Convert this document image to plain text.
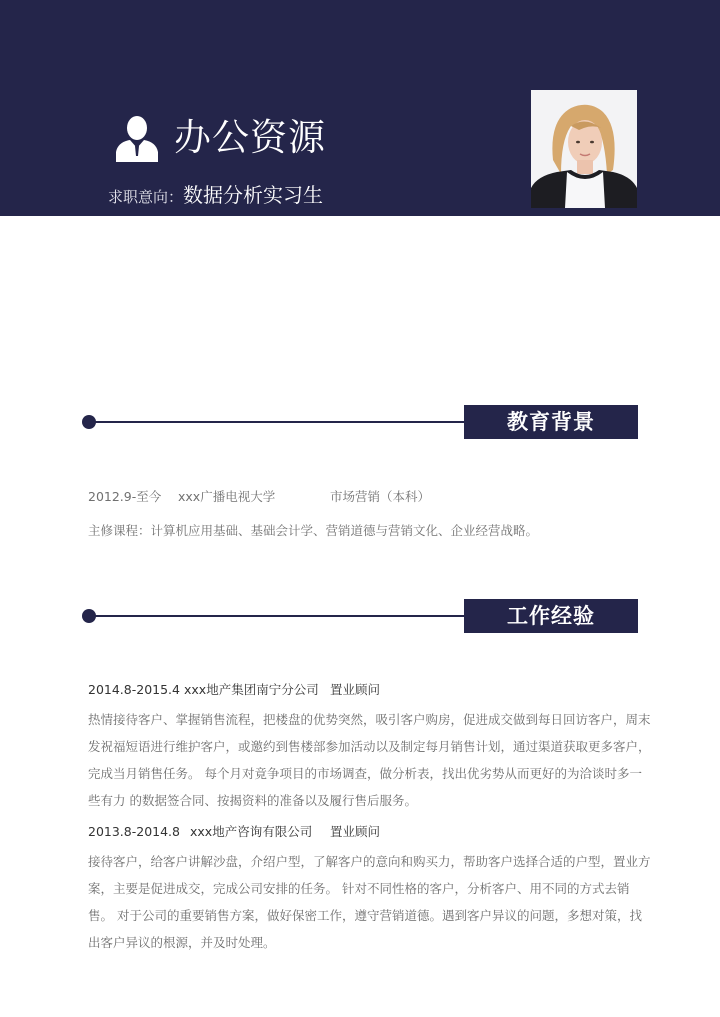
办公资源
求职意向：数据分析实习生
教育背景
2012.9-至今 xxx广播电视大学	市场营销（本科）
主修课程：计算机应用基础、基础会计学、营销道德与营销文化、企业经营战略。
工作经验
2014.8-2015.4 xxx地产集团南宁分公司 置业顾问
热情接待客户、掌握销售流程，把楼盘的优势突然，吸引客户购房，促进成交做到每日回访客户，周末
发祝福短语进行维护客户，或邀约到售楼部参加活动以及制定每月销售计划，通过渠道获取更多客户，
完成当月销售任务。 每个月对竟争项目的市场调查，做分析表，找出优劣势从而更好的为洽谈时多一
些有力 的数据签合同、按揭资料的准备以及履行售后服务。
2013.8-2014.8 xxx地产咨询有限公司 置业顾问
接待客户，给客户讲解沙盘，介绍户型，了解客户的意向和购买力，帮助客户选择合适的户型，置业方
案，主要是促进成交，完成公司安排的任务。 针对不同性格的客户，分析客户、用不同的方式去销
售。 对于公司的重要销售方案，做好保密工作，遵守营销道德。遇到客户异议的问题，多想对策，找
出客户异议的根源，并及时处理。
